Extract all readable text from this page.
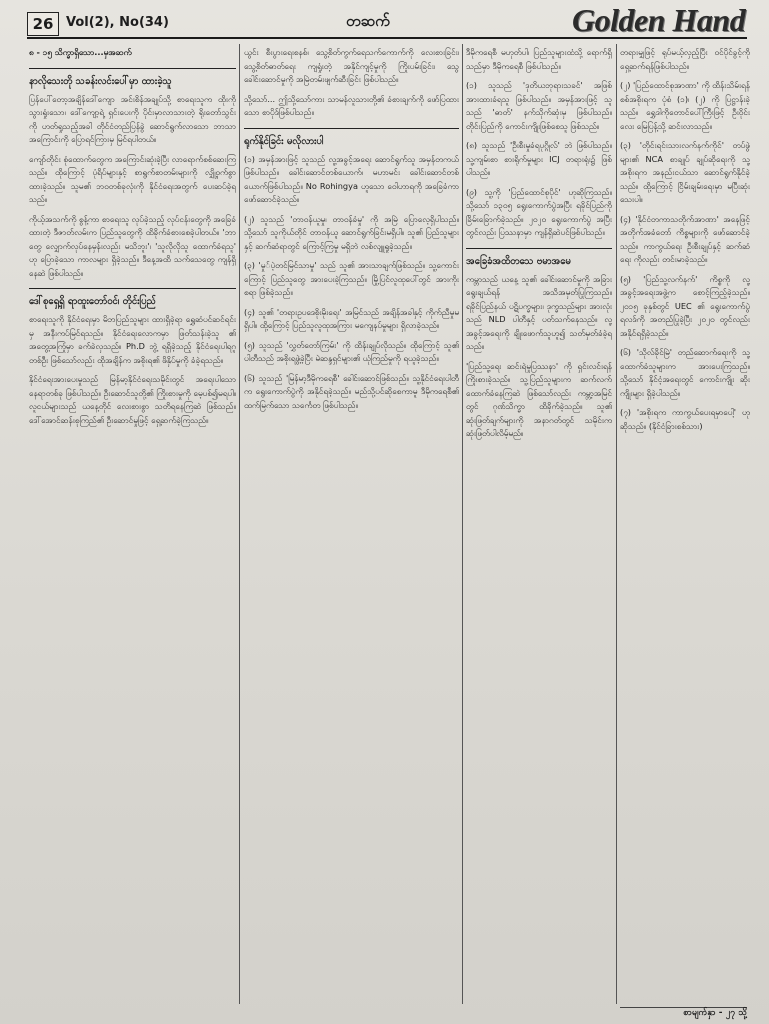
26 Vol(2), No(34)	တဆက်	Golden Hand

၈ - ၁၅ သိက္ခာရှိသော...မှအဆက်

နာလိုသေးတို သခန်းလင်းပေါ်မှာ ထားခဲ့သူ

ပြန်ပေါ်တော့အချိန်ဒေါ်ကျော အင်းစိန်အချုပ်သို့ စာရေးသူက ထိုးကိုသွားရှုံးသော၊ ဒေါ်ကျော့ရဲ့ ရှင်းပေးကို ပိုင်းမှာလာသားတဲ့ ရိုးတော်သွင်းကို ဟတ်ရှုသည့်အခါ တိုင်ငံတည်ပြန်ခွဲ ဆောင်ရွက်လာသော ဘာသာ အကြောင်းကို ပြောရင်ကြားမှ မြင်ရပါတယ်။

ကျော်တိုင်း စုံထောက်တွေက အကြောင်းဆုံးခဲ့ပြီး လာရောက်စစ်ဆေးကြသည်။ ထိုကြောင့် ပုံရိပ်များနှင့် စာရွက်စာတမ်းများကို လျှို့ဝှက်စွာ ထားခဲ့သည်။ သူမ၏ ဘဝတစ်ခုလုံးကို နိုင်ငံရေးအတွက် ပေးဆပ်ခဲ့ရသည်။

ကိုယ့်အသက်ကို စွန့်ကာ စာရေးသူ လုပ်ခဲ့သည့် လုပ်ငန်းတွေကို အခြေခံထားတဲ့ ဒီဇာတ်လမ်းက ပြည်သူတွေကို ထိခိုက်ခံစားစေခဲ့ပါတယ်။ 'ဘာတွေ လျှောက်လုပ်နေမှန်းလည်း မသိဘူး'၊ 'သူလိုလိုသူ ထောက်ခံရသူ' ဟု ပြောခဲ့သော ကာလများ ရှိခဲ့သည်။ ဒီနေ့အထိ သက်သေတွေ ကျန်ရှိနေဆဲ ဖြစ်ပါသည်။

ဒေါ်စုရှေ့ရှိ ရာထူးတော်ဝင်၊ တိုင်းပြည်

စာရေးသူကို နိုင်ငံရေးမှာ မိဘပြည်သူများ ထားရှိခဲ့ရာ ရွှေဆံပင်ဆင်ရင်းမှ အနီးကပ်မြင်ရသည်။ နိုင်ငံရေးလောကမှာ ဖြတ်သန်းခဲ့သူ ၏ အတွေ့အကြုံမှာ ခက်ခဲလှသည်။ Ph.D ဘွဲ့ ရရှိခဲ့သည့် နိုင်ငံရေးပါရဂူတစ်ဦး ဖြစ်သော်လည်း ထိုအချိန်က အစိုးရ၏ ဖိနှိပ်မှုကို ခံခဲ့ရသည်။

နိုင်ငံရေးအားပေးမှုသည် မြန်မာ့နိုင်ငံရေးသမိုင်းတွင် အရေးပါသော နေရာတစ်ခု ဖြစ်ပါသည်။ ဦးဆောင်သူတို့၏ ကြိုးစားမှုကို မေ့ပစ်၍မရပါ။ လူငယ်များသည် ယနေ့တိုင် လေးစားစွာ သတိရနေကြဆဲ ဖြစ်သည်။ ဒေါ်အောင်ဆန်းစုကြည်၏ ဦးဆောင်မှုဖြင့် ရှေ့ဆက်ခဲ့ကြသည်။

ယွင်း စီးပွားရေးစနစ်၊ သွေ့စိတ်ကွက်ရေသက်ကောက်ကို လေးစားခြင်း၊ သွေ့စိတ်ဓာတ်ရေး ကျရှုံးတဲ့ အနိုင်ကျင့်မှုကို ကြိုးပမ်းခြင်း၊ သွေ့ခေါင်းဆောင်မှုကို အမြဲတမ်းဖျက်ဆီးခြင်း ဖြစ်ပါသည်။

သို့သော်... ဤသို့သော်ကား သာမန်လူသားတို့၏ ခံစားချက်ကို ဖော်ပြထားသော စာပိုဒ်ဖြစ်ပါသည်။

ရုက်နိုင်ခြင်း မလိုလားပါ

(၁) အမှန်အားဖြင့် သူသည် လူ့အခွင့်အရေး ဆောင်ရွက်သူ အမှန်တကယ်ဖြစ်ပါသည်။ ခေါင်းဆောင်တစ်ယောက်၊ မဟာမင်း ခေါင်းဆောင်တစ်ယောက်ဖြစ်ပါသည်။ No Rohingya ဟူသော ဝေါဟာရကို အခြေခံကာ ဖော်ဆောင်ခဲ့သည်။

(၂) သူသည် 'တာဝန်ယူမှု၊ တာဝန်ခံမှု' ကို အမြဲ ပြောလေ့ရှိပါသည်။ သို့သော် သူကိုယ်တိုင် တာဝန်ယူ ဆောင်ရွက်ခြင်းမရှိပါ။ သူ၏ ပြည်သူများနှင့် ဆက်ဆံရာတွင် ကြောင့်ကြမှု မရှိဘဲ လစ်လျူရှုခဲ့သည်။

(၃) 'မှု်ပဲ့တင်မြင်သာမှု' သည် သူ၏ အားသာချက်ဖြစ်သည်။ သူ့ကောင်းကြောင့် ပြည်သူတွေ အားပေးခဲ့ကြသည်။ မြို့ပြင်လူထုပေါ်တွင် အားကိုးစရာ ဖြစ်ခဲ့သည်။

(၄) သူ၏ 'တရားဥပဒေစိုးမိုးရေး' အမြင်သည် အချိန်အခါနှင့် ကိုက်ညီမှုမရှိပါ။ ထို့ကြောင့် ပြည်သူလူထုအကြား မကျေနပ်မှုများ ရှိလာခဲ့သည်။

(၅) သူသည် 'လွှတ်တော်ကြမ်း' ကို ထိန်းချုပ်လိုသည်။ ထိုကြောင့် သူ၏ ပါတီသည် အစိုးရဖွဲ့ခဲ့ပြီး မဲဆန္ဒရှင်များ၏ ယုံကြည်မှုကို ရယူခဲ့သည်။

(၆) သူသည် 'မြန်မာ့ဒီမိုကရေစီ' ခေါင်းဆောင်ဖြစ်သည်။ သူ့နိုင်ငံရေးပါတီက ရွေးကောက်ပွဲကို အနိုင်ရခဲ့သည်။ မည်သို့ပင်ဆိုစေကာမူ ဒီမိုကရေစီ၏ ထက်မြက်သော သင်္ကေတ ဖြစ်ပါသည်။

ဒီမိုကရေစီ မဟုတ်ပါ၊ ပြည်သူများထံသို့ ရောက်ရှိသည်မှာ ဒီမိုကရေစီ ဖြစ်ပါသည်။

(၁) သူသည် 'ဒုတိယဘုရားသခင်' အဖြစ် အားထားခံရသူ ဖြစ်ပါသည်။ အမှန်အားဖြင့် သူသည် 'ဓာတ်' နက်သိုက်ဆုံးမှ ဖြစ်ပါသည်။ တိုင်းပြည်ကို ကောင်းကျိုးဖြစ်စေသူ ဖြစ်သည်။

(၈) သူသည် 'ဦးစီးမှုခံရပုဂ္ဂိုလ်' ဘဲ ဖြစ်ပါသည်။ သူ့ကျမ်းစာ စားရိုက်မှုများ ICJ တရားရုံး၌ ဖြစ်ပါသည်။

(၉) သူ့ကို 'ပြည်ထောင်စုပိုင်' ဟုဆိုကြသည်။ သို့သော် ၁၃၀၅ ရွေးကောက်ပွဲအပြီး ရခိုင်ပြည်ကို ခြိမ်းခြောက်ခဲ့သည်။ ၂၀၂၀ ရွေးကောက်ပွဲ အပြီးတွင်လည်း ပြဿနာမှာ ကျန်ရှိဆဲပင်ဖြစ်ပါသည်။

အခြေခံအထိတသေ ဗမာအမေ

ကမ္ဘာသည် ယနေ့ သူ၏ ခေါင်းဆောင်မှုကို အခြားရွေးချယ်ရန် အသိအမှတ်ပြုကြသည်။ ရခိုင်ပြည်နယ် ပဋိပက္ခများ၊ ဒုက္ခသည်များ အားလုံးသည် NLD ပါတီနှင့် ပတ်သက်နေသည်။ လူ့အခွင့်အရေးကို ချိုးဖောက်သူဟူ၍ သတ်မှတ်ခံခဲ့ရသည်။

'ပြည်သူ့ရေး ဆင်းရဲမှုပြဿနာ' ကို ရှင်းလင်းရန် ကြိုးစားခဲ့သည်။ သူ့ပြည်သူများက ဆက်လက် ထောက်ခံနေကြဆဲ ဖြစ်သော်လည်း ကမ္ဘာ့အမြင်တွင် ဂုဏ်သိက္ခာ ထိခိုက်ခဲ့သည်။ သူ၏ ဆုံးဖြတ်ချက်များကို အနာဂတ်တွင် သမိုင်းက ဆုံးဖြတ်ပါလိမ့်မည်။

တရားမျှဖြင့် ရုပ်မယ့်လှည့်ပြီး ဝင်ပိုင်ခွင့်ကို ရှေ့ဆက်ရန်ဖြစ်ပါသည်။

(၂) 'ပြည်ထောင်စုအာဏာ' ကို ထိန်းသိမ်းရန် စစ်အစိုးရက ပုံစံ (၁)၊ (၂) ကို ပြဋ္ဌာန်းခဲ့သည်။ ရွှေဒါကိုတောင်ပေါ်ကြီးဖြင့် ဦးဝိုင်းလေး မြေပြန့်သို့ ဆင်းလာသည်။

(၃) 'တိုင်းရင်းသားလက်နက်ကိုင်' တပ်ဖွဲ့များ၏ NCA စာချုပ် ချုပ်ဆိုရေးကို သူ့အစိုးရက အနည်းငယ်သာ ဆောင်ရွက်နိုင်ခဲ့သည်။ ထို့ကြောင့် ငြိမ်းချမ်းရေးမှာ မပြီးဆုံးသေးပါ။

(၄) 'နိုင်ငံတကာသတိုက်အာဏာ' အနေဖြင့် အတိုက်အခံတော် ကိစ္စများကို ဖော်ဆောင်ခဲ့သည်။ ကာကွယ်ရေး ဦးစီးချုပ်နှင့် ဆက်ဆံရေး ကိုလည်း တင်းမာခဲ့သည်။

(၅) 'ပြည်သူ့လက်နက်' ကိစ္စကို လူ့အခွင့်အရေးအဖွဲ့က စောင့်ကြည့်ခဲ့သည်။ ၂၀၁၅ ခုနှစ်တွင် UEC ၏ ရွေးကောက်ပွဲရလဒ်ကို အတည်ပြုခဲ့ပြီး ၂၀၂၀ တွင်လည်း အနိုင်ရရှိခဲ့သည်။

(၆) 'သိုလ်ခိုင်မြဲ' တည်ဆောက်ရေးကို သူ့ထောက်ခံသူများက အားပေးကြသည်။ သို့သော် နိုင်ငံ့အရေးတွင် ကောင်းကျိုး ဆိုးကျိုးများ ရှိခဲ့ပါသည်။

(၇) 'အစိုးရက ကာကွယ်ပေးရမှာပေါ့' ဟု ဆိုသည်။ (နိုင်ငံခြားစစ်သား)

စာမျက်နှာ - ၂၇ သို့
